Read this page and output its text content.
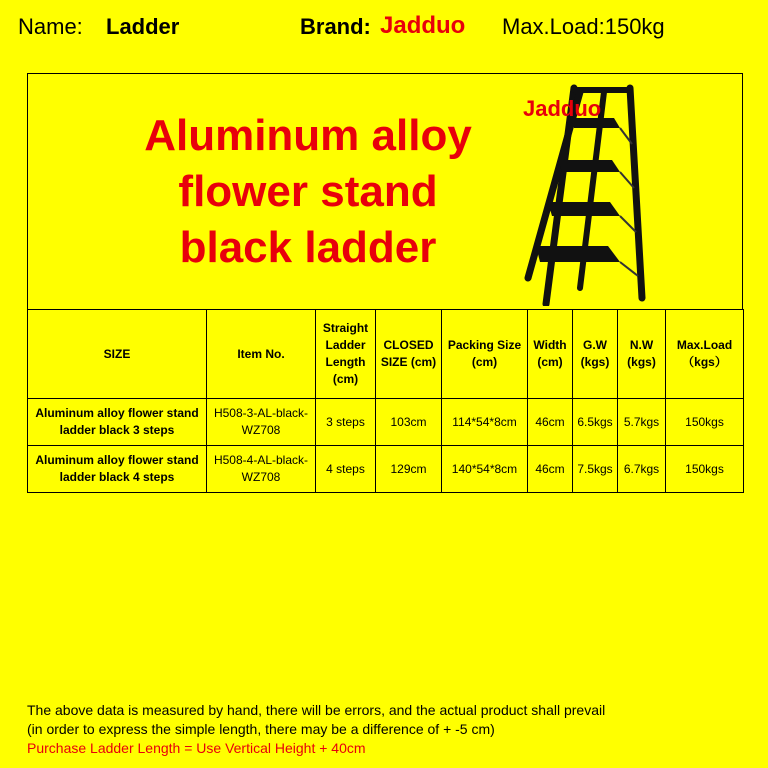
Name: Ladder	Brand: Jadduo Max.Load:150kg
Aluminum alloy
flower stand
black ladder
Jadduo
SIZE	Item No.	Straight Ladder Length (cm)	CLOSED SIZE (cm)	Packing Size (cm)	Width (cm)	G.W (kgs)	N.W (kgs)	Max.Load （kgs）
Aluminum alloy flower stand ladder black 3 steps	H508-3-AL-black-WZ708	3 steps	103cm	114*54*8cm	46cm	6.5kgs	5.7kgs	150kgs
Aluminum alloy flower stand ladder black 4 steps	H508-4-AL-black-WZ708	4 steps	129cm	140*54*8cm	46cm	7.5kgs	6.7kgs	150kgs
The above data is measured by hand, there will be errors, and the actual product shall prevail
(in order to express the simple length, there may be a difference of + -5 cm)
Purchase Ladder Length = Use Vertical Height + 40cm
